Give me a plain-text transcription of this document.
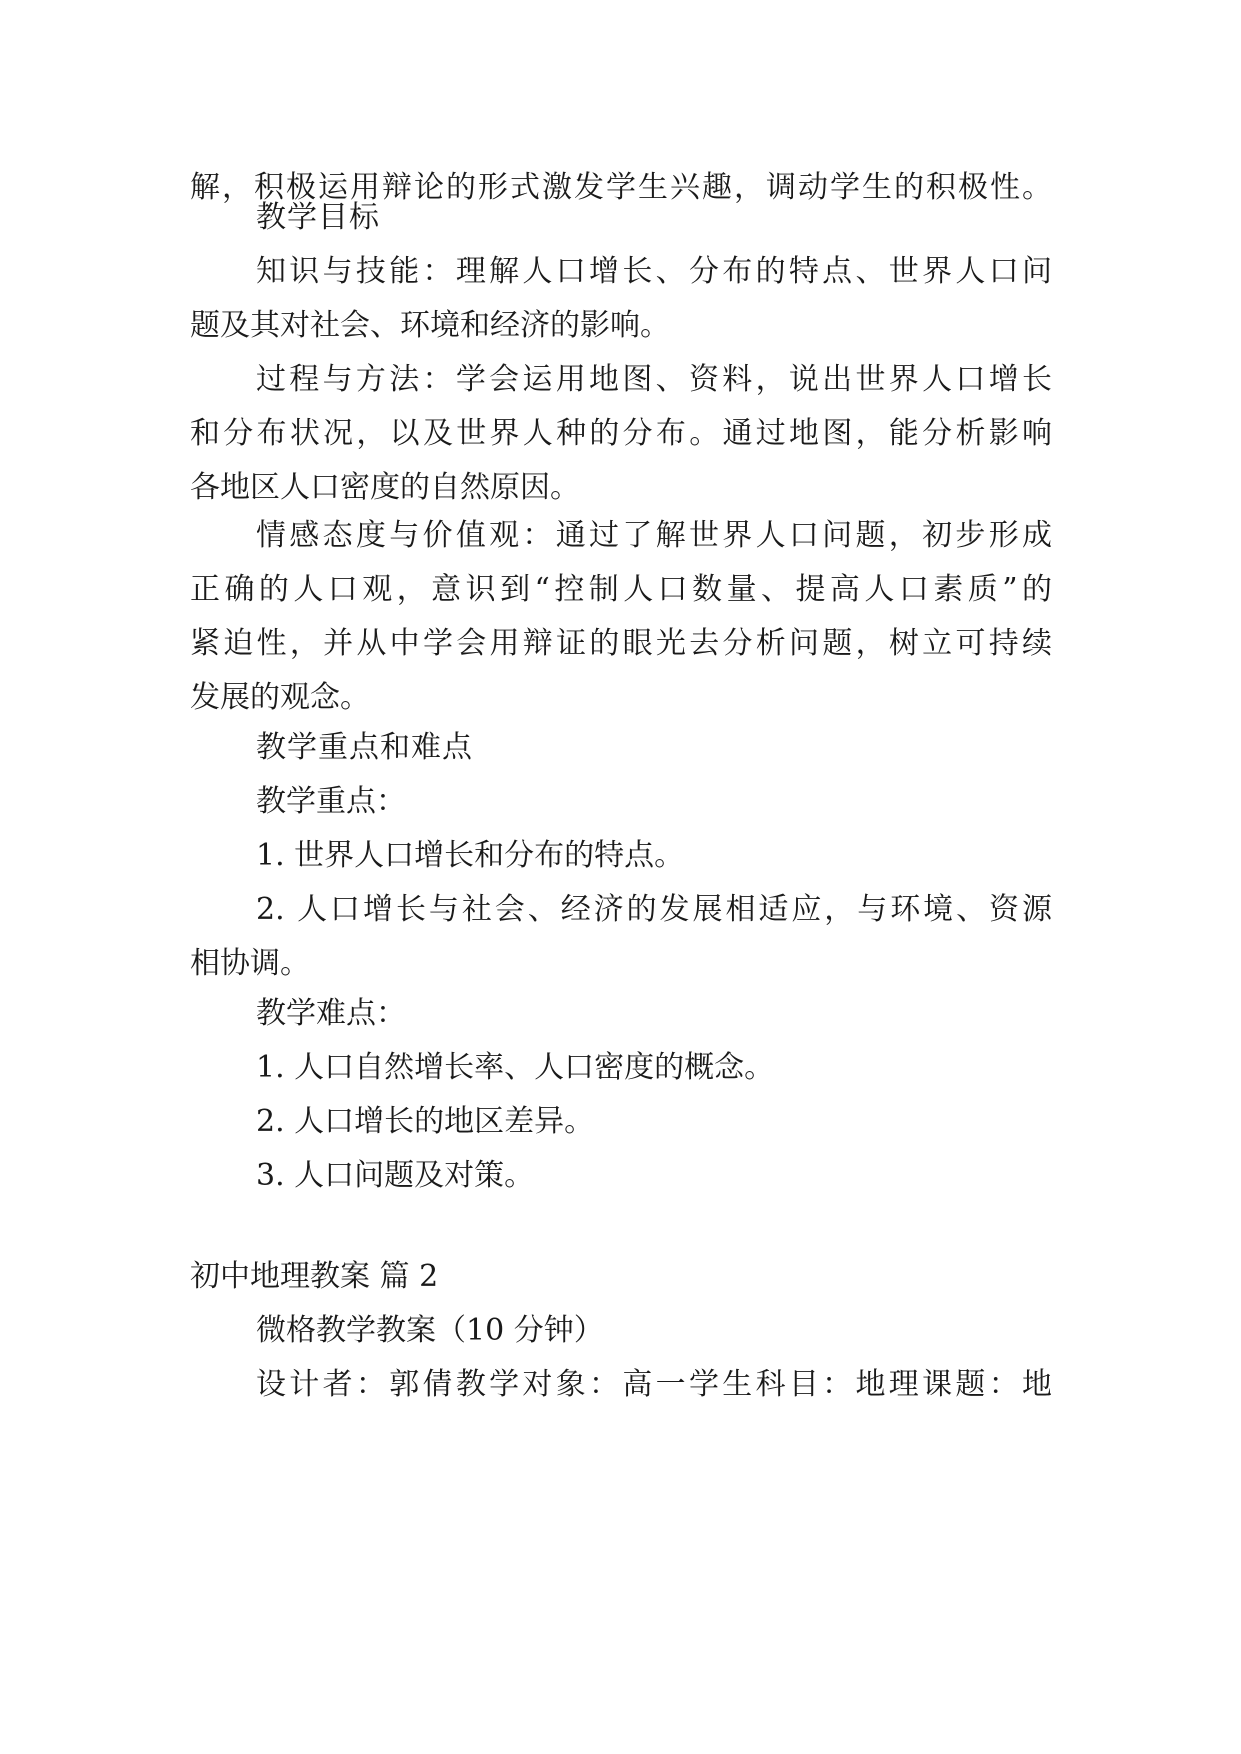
解，积极运用辩论的形式激发学生兴趣，调动学生的积极性。
教学目标
知识与技能：理解人口增长、分布的特点、世界人口问
题及其对社会、环境和经济的影响。
过程与方法：学会运用地图、资料，说出世界人口增长
和分布状况，以及世界人种的分布。通过地图，能分析影响
各地区人口密度的自然原因。
情感态度与价值观：通过了解世界人口问题，初步形成
正确的人口观，意识到“控制人口数量、提高人口素质”的
紧迫性，并从中学会用辩证的眼光去分析问题，树立可持续
发展的观念。
教学重点和难点
教学重点：
1. 世界人口增长和分布的特点。
2. 人口增长与社会、经济的发展相适应，与环境、资源
相协调。
教学难点：
1. 人口自然增长率、人口密度的概念。
2. 人口增长的地区差异。
3. 人口问题及对策。
初中地理教案 篇 2
微格教学教案（10 分钟）
设计者：郭倩教学对象：高一学生科目：地理课题：地
